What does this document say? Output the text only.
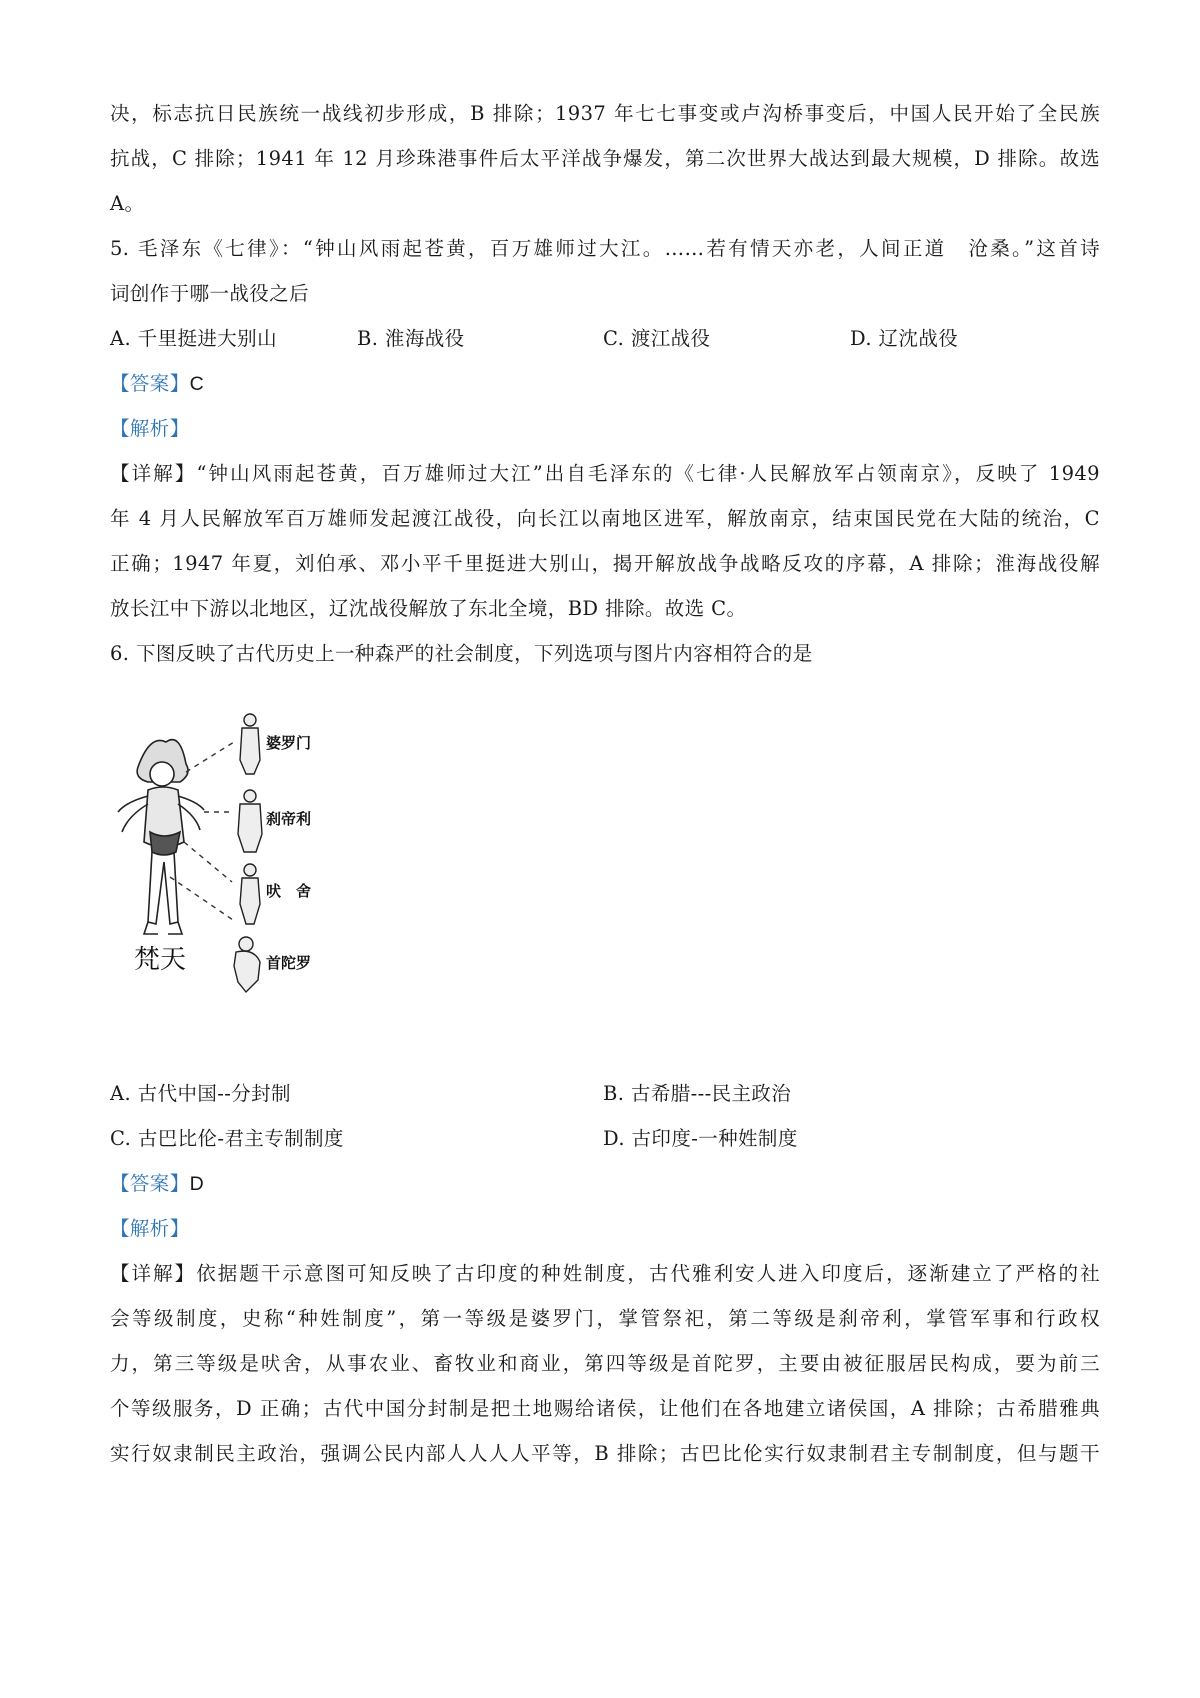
决，标志抗日民族统一战线初步形成，B 排除；1937 年七七事变或卢沟桥事变后，中国人民开始了全民族
抗战，C 排除；1941 年 12 月珍珠港事件后太平洋战争爆发，第二次世界大战达到最大规模，D 排除。故选
A。
5. 毛泽东《七律》：“钟山风雨起苍黄，百万雄师过大江。……若有情天亦老，人间正道　沧桑。”这首诗
词创作于哪一战役之后
A. 千里挺进大别山	B. 淮海战役	C. 渡江战役	D. 辽沈战役
【答案】C
【解析】
【详解】“钟山风雨起苍黄，百万雄师过大江”出自毛泽东的《七律·人民解放军占领南京》，反映了 1949
年 4 月人民解放军百万雄师发起渡江战役，向长江以南地区进军，解放南京，结束国民党在大陆的统治，C
正确；1947 年夏，刘伯承、邓小平千里挺进大别山，揭开解放战争战略反攻的序幕，A 排除；淮海战役解
放长江中下游以北地区，辽沈战役解放了东北全境，BD 排除。故选 C。
6. 下图反映了古代历史上一种森严的社会制度，下列选项与图片内容相符合的是
婆罗门
刹帝利
吠　舍
首陀罗
梵天
A. 古代中国--分封制	B. 古希腊---民主政治
C. 古巴比伦-君主专制制度	D. 古印度-一种姓制度
【答案】D
【解析】
【详解】依据题干示意图可知反映了古印度的种姓制度，古代雅利安人进入印度后，逐渐建立了严格的社
会等级制度，史称“种姓制度”，第一等级是婆罗门，掌管祭祀，第二等级是刹帝利，掌管军事和行政权
力，第三等级是吠舍，从事农业、畜牧业和商业，第四等级是首陀罗，主要由被征服居民构成，要为前三
个等级服务，D 正确；古代中国分封制是把土地赐给诸侯，让他们在各地建立诸侯国，A 排除；古希腊雅典
实行奴隶制民主政治，强调公民内部人人人人平等，B 排除；古巴比伦实行奴隶制君主专制制度，但与题干
